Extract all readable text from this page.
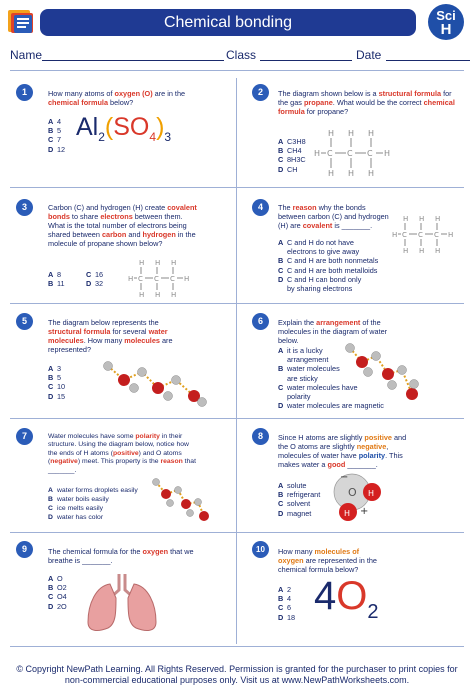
Chemical bonding	Sci
H
Name	Class	Date
1	How many atoms of oxygen (O) are in the chemical formula below?
A 4
B 5
C 7
D 12
$Al_2(SO_4)_3$
2	The diagram shown below is a structural formula for the gas propane. What would be the correct chemical formula for propane?
A C3H8
B CH4
C 8H3C
D CH
H H H
H C C C H
H H H
3	Carbon (C) and hydrogen (H) create covalent bonds to share electrons between them. What is the total number of electrons being shared between carbon and hydrogen in the molecule of propane shown below?
A 8
B 11
C 16
D 32
H H H
H C C C H
H H H
4	The reason why the bonds between carbon (C) and hydrogen (H) are covalent is _______.
A C and H do not have
electrons to give away
B C and H are both nonmetals
C C and H are both metalloids
D C and H can bond only
by sharing electrons
H H H
H C C C H
H H H
5	The diagram below represents the structural formula for several water molecules. How many molecules are represented?
A 3
B 5
C 10
D 15
6	Explain the arrangement of the molecules in the diagram of water below.
A it is a lucky
arrangement
B water molecules
are sticky
C water molecules have
polarity
D water molecules are magnetic
7	Water molecules have some polarity in their structure. Using the diagram below, notice how the ends of H atoms (positive) and O atoms (negative) meet. This property is the reason that _______.
A water forms droplets easily
B water boils easily
C ice melts easily
D water has color
8	Since H atoms are slightly positive and the O atoms are slightly negative, molecules of water have polarity. This makes water a good _______.
A solute
B refrigerant
C solvent
D magnet
O H
H
−
+
9	The chemical formula for the oxygen that we breathe is _______.
A O
B O2
C O4
D 2O
10	How many molecules of oxygen are represented in the chemical formula below?
A 2
B 4
C 6
D 18 $4O_2$
© Copyright NewPath Learning. All Rights Reserved. Permission is granted for the purchaser to print copies for
non-commercial educational purposes only. Visit us at www.NewPathWorksheets.com.
